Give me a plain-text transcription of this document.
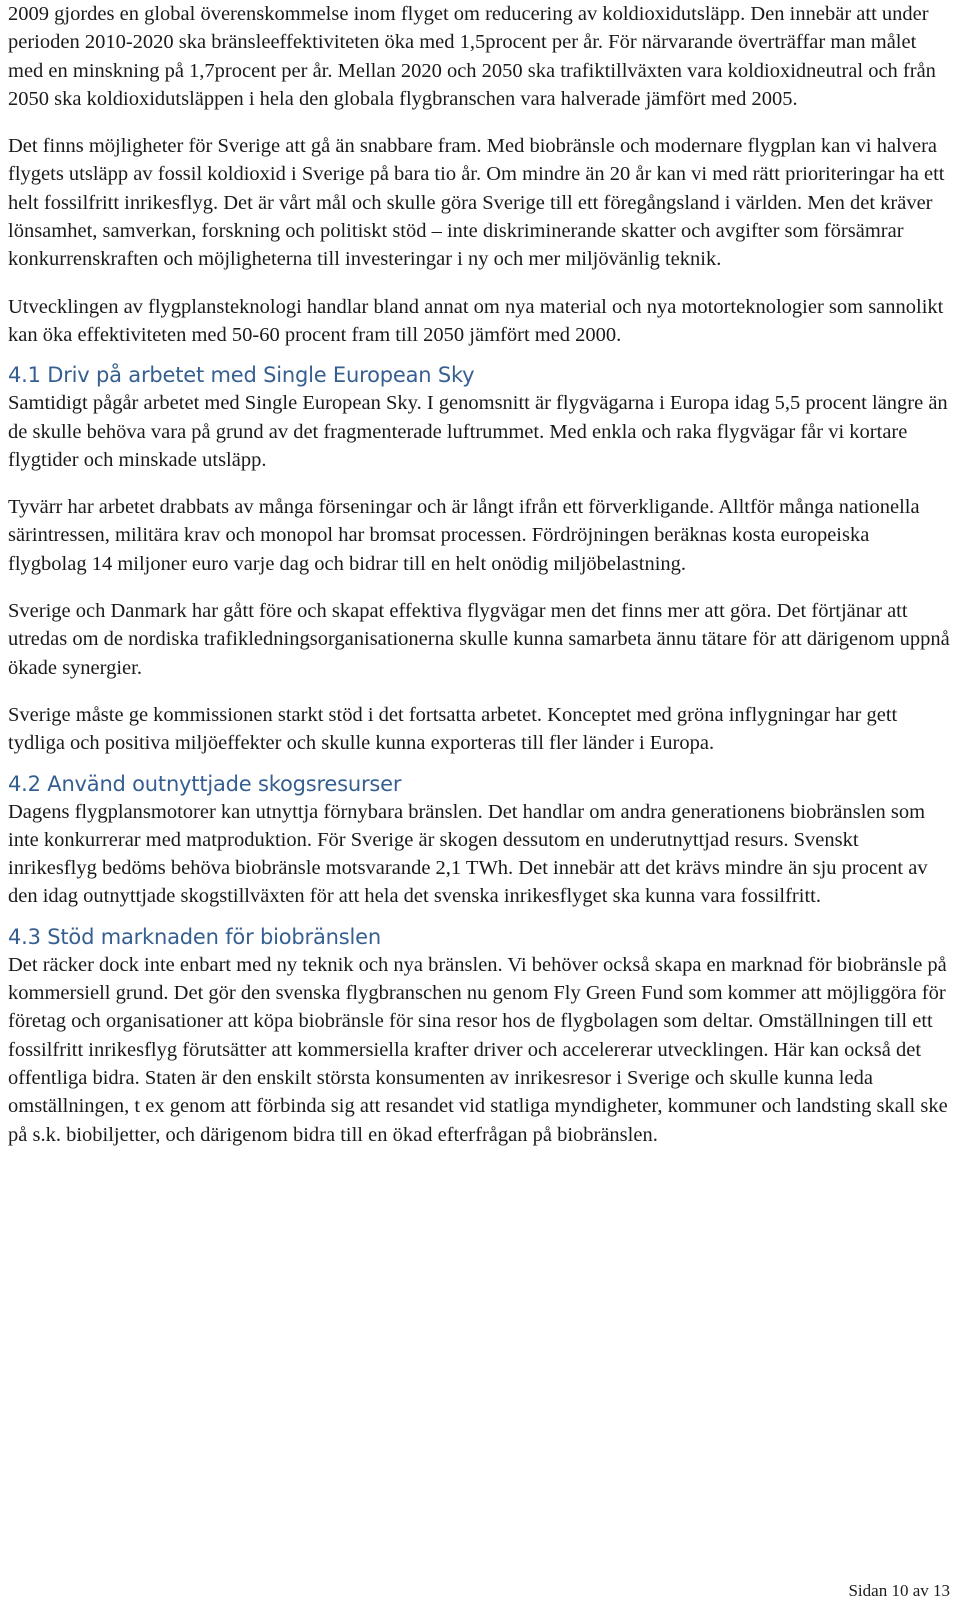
2009 gjordes en global överenskommelse inom flyget om reducering av koldioxidutsläpp. Den innebär att under perioden 2010-2020 ska bränsleeffektiviteten öka med 1,5procent per år. För närvarande överträffar man målet med en minskning på 1,7procent per år. Mellan 2020 och 2050 ska trafiktillväxten vara koldioxidneutral och från 2050 ska koldioxidutsläppen i hela den globala flygbranschen vara halverade jämfört med 2005.

Det finns möjligheter för Sverige att gå än snabbare fram. Med biobränsle och modernare flygplan kan vi halvera flygets utsläpp av fossil koldioxid i Sverige på bara tio år. Om mindre än 20 år kan vi med rätt prioriteringar ha ett helt fossilfritt inrikesflyg. Det är vårt mål och skulle göra Sverige till ett föregångsland i världen. Men det kräver lönsamhet, samverkan, forskning och politiskt stöd – inte diskriminerande skatter och avgifter som försämrar konkurrenskraften och möjligheterna till investeringar i ny och mer miljövänlig teknik.

Utvecklingen av flygplansteknologi handlar bland annat om nya material och nya motorteknologier som sannolikt kan öka effektiviteten med 50-60 procent fram till 2050 jämfört med 2000.

4.1 Driv på arbetet med Single European Sky

Samtidigt pågår arbetet med Single European Sky. I genomsnitt är flygvägarna i Europa idag 5,5 procent längre än de skulle behöva vara på grund av det fragmenterade luftrummet. Med enkla och raka flygvägar får vi kortare flygtider och minskade utsläpp.

Tyvärr har arbetet drabbats av många förseningar och är långt ifrån ett förverkligande. Alltför många nationella särintressen, militära krav och monopol har bromsat processen. Fördröjningen beräknas kosta europeiska flygbolag 14 miljoner euro varje dag och bidrar till en helt onödig miljöbelastning.

Sverige och Danmark har gått före och skapat effektiva flygvägar men det finns mer att göra. Det förtjänar att utredas om de nordiska trafikledningsorganisationerna skulle kunna samarbeta ännu tätare för att därigenom uppnå ökade synergier.

Sverige måste ge kommissionen starkt stöd i det fortsatta arbetet. Konceptet med gröna inflygningar har gett tydliga och positiva miljöeffekter och skulle kunna exporteras till fler länder i Europa.

4.2 Använd outnyttjade skogsresurser

Dagens flygplansmotorer kan utnyttja förnybara bränslen. Det handlar om andra generationens biobränslen som inte konkurrerar med matproduktion. För Sverige är skogen dessutom en underutnyttjad resurs. Svenskt inrikesflyg bedöms behöva biobränsle motsvarande 2,1 TWh. Det innebär att det krävs mindre än sju procent av den idag outnyttjade skogstillväxten för att hela det svenska inrikesflyget ska kunna vara fossilfritt.

4.3 Stöd marknaden för biobränslen

Det räcker dock inte enbart med ny teknik och nya bränslen. Vi behöver också skapa en marknad för biobränsle på kommersiell grund. Det gör den svenska flygbranschen nu genom Fly Green Fund som kommer att möjliggöra för företag och organisationer att köpa biobränsle för sina resor hos de flygbolagen som deltar. Omställningen till ett fossilfritt inrikesflyg förutsätter att kommersiella krafter driver och accelererar utvecklingen. Här kan också det offentliga bidra. Staten är den enskilt största konsumenten av inrikesresor i Sverige och skulle kunna leda omställningen, t ex genom att förbinda sig att resandet vid statliga myndigheter, kommuner och landsting skall ske på s.k. biobiljetter, och därigenom bidra till en ökad efterfrågan på biobränslen.

Sidan 10 av 13
